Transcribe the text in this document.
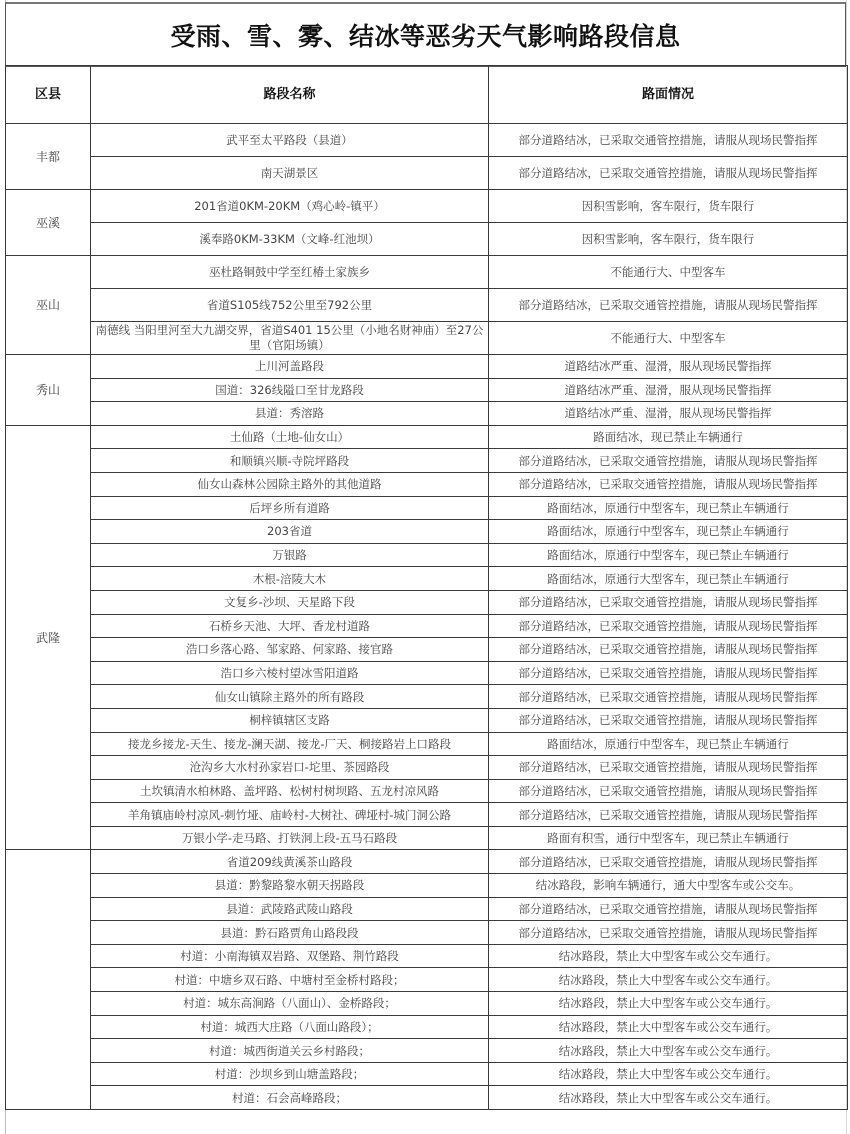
受雨、雪、雾、结冰等恶劣天气影响路段信息
区县	路段名称	路面情况
丰都	武平至太平路段（县道）	部分道路结冰，已采取交通管控措施，请服从现场民警指挥
	南天湖景区	部分道路结冰，已采取交通管控措施，请服从现场民警指挥
巫溪	201省道0KM-20KM（鸡心岭-镇平）	因积雪影响，客车限行，货车限行
	溪奉路0KM-33KM（文峰-红池坝）	因积雪影响，客车限行，货车限行
巫山	巫杜路铜鼓中学至红椿土家族乡	不能通行大、中型客车
	省道S105线752公里至792公里	部分道路结冰，已采取交通管控措施，请服从现场民警指挥
	南德线 当阳里河至大九湖交界，省道S401 15公里（小地名财神庙）至27公里（官阳场镇）	不能通行大、中型客车
秀山	上川河盖路段	道路结冰严重、湿滑，服从现场民警指挥
	国道：326线隘口至甘龙路段	道路结冰严重、湿滑，服从现场民警指挥
	县道：秀溶路	道路结冰严重、湿滑，服从现场民警指挥
武隆	土仙路（土地-仙女山）	路面结冰，现已禁止车辆通行
	和顺镇兴顺-寺院坪路段	部分道路结冰，已采取交通管控措施，请服从现场民警指挥
	仙女山森林公园除主路外的其他道路	部分道路结冰，已采取交通管控措施，请服从现场民警指挥
	后坪乡所有道路	路面结冰，原通行中型客车，现已禁止车辆通行
	203省道	路面结冰，原通行中型客车，现已禁止车辆通行
	万银路	路面结冰，原通行中型客车，现已禁止车辆通行
	木根-涪陵大木	路面结冰，原通行大型客车，现已禁止车辆通行
	文复乡-沙坝、天星路下段	部分道路结冰，已采取交通管控措施，请服从现场民警指挥
	石桥乡天池、大坪、香龙村道路	部分道路结冰，已采取交通管控措施，请服从现场民警指挥
	浩口乡落心路、邹家路、何家路、接官路	部分道路结冰，已采取交通管控措施，请服从现场民警指挥
	浩口乡六棱村望冰雪阳道路	部分道路结冰，已采取交通管控措施，请服从现场民警指挥
	仙女山镇除主路外的所有路段	部分道路结冰，已采取交通管控措施，请服从现场民警指挥
	桐梓镇辖区支路	部分道路结冰，已采取交通管控措施，请服从现场民警指挥
	接龙乡接龙-天生、接龙-澜天湖、接龙-厂天、桐接路岩上口路段	路面结冰，原通行中型客车，现已禁止车辆通行
	沧沟乡大水村孙家岩口-坨里、茶园路段	部分道路结冰，已采取交通管控措施，请服从现场民警指挥
	土坎镇清水柏林路、盖坪路、松树村树坝路、五龙村凉风路	部分道路结冰，已采取交通管控措施，请服从现场民警指挥
	羊角镇庙岭村凉风-刺竹垭、庙岭村-大树社、碑垭村-城门洞公路	部分道路结冰，已采取交通管控措施，请服从现场民警指挥
	万银小学-走马路、打铁洞上段-五马石路段	路面有积雪，通行中型客车，现已禁止车辆通行
	省道209线黄溪茶山路段	部分道路结冰，已采取交通管控措施，请服从现场民警指挥
	县道：黔黎路黎水朝天拐路段	结冰路段，影响车辆通行，通大中型客车或公交车。
	县道：武陵路武陵山路段	部分道路结冰，已采取交通管控措施，请服从现场民警指挥
	县道：黔石路贾角山路段段	部分道路结冰，已采取交通管控措施，请服从现场民警指挥
	村道：小南海镇双岩路、双堡路、荆竹路段	结冰路段，禁止大中型客车或公交车通行。
	村道：中塘乡双石路、中塘村至金桥村路段；	结冰路段，禁止大中型客车或公交车通行。
	村道：城东高涧路（八面山）、金桥路段；	结冰路段，禁止大中型客车或公交车通行。
	村道：城西大庄路（八面山路段）；	结冰路段，禁止大中型客车或公交车通行。
	村道：城西街道关云乡村路段；	结冰路段，禁止大中型客车或公交车通行。
	村道：沙坝乡到山塘盖路段；	结冰路段，禁止大中型客车或公交车通行。
	村道：石会高峰路段；	结冰路段，禁止大中型客车或公交车通行。
